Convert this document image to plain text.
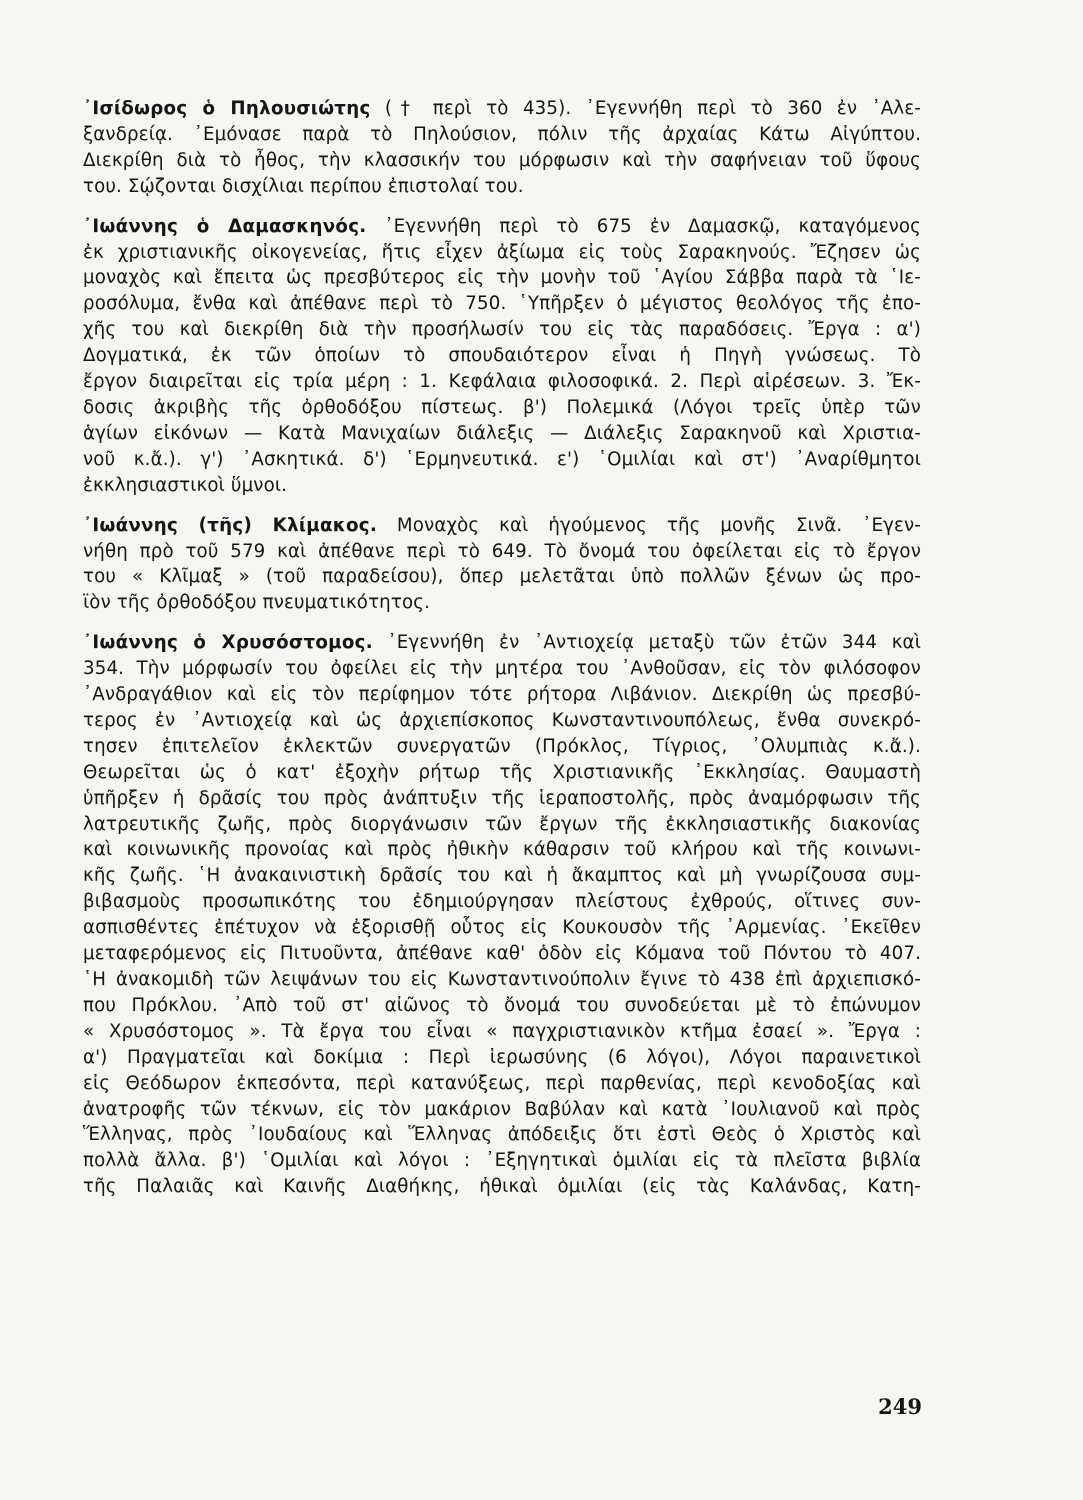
᾿Ισίδωρος ὁ Πηλουσιώτης († περὶ τὸ 435). ᾿Εγεννήθη περὶ τὸ 360 ἐν ᾿Αλε-
ξανδρείᾳ. ᾿Εμόνασε παρὰ τὸ Πηλούσιον, πόλιν τῆς ἀρχαίας Κάτω Αἰγύπτου.
Διεκρίθη διὰ τὸ ἦθος, τὴν κλασσικήν του μόρφωσιν καὶ τὴν σαφήνειαν τοῦ ὕφους
του. Σῴζονται δισχίλιαι περίπου ἐπιστολαί του.
᾿Ιωάννης ὁ Δαμασκηνός. ᾿Εγεννήθη περὶ τὸ 675 ἐν Δαμασκῷ, καταγόμενος
ἐκ χριστιανικῆς οἰκογενείας, ἥτις εἶχεν ἀξίωμα εἰς τοὺς Σαρακηνούς. Ἔζησεν ὡς
μοναχὸς καὶ ἔπειτα ὡς πρεσβύτερος εἰς τὴν μονὴν τοῦ ῾Αγίου Σάββα παρὰ τὰ ῾Ιε-
ροσόλυμα, ἔνθα καὶ ἀπέθανε περὶ τὸ 750. ῾Υπῆρξεν ὁ μέγιστος θεολόγος τῆς ἐπο-
χῆς του καὶ διεκρίθη διὰ τὴν προσήλωσίν του εἰς τὰς παραδόσεις. Ἔργα : α')
Δογματικά, ἐκ τῶν ὁποίων τὸ σπουδαιότερον εἶναι ἡ Πηγὴ γνώσεως. Τὸ
ἔργον διαιρεῖται εἰς τρία μέρη : 1. Κεφάλαια φιλοσοφικά. 2. Περὶ αἱρέσεων. 3. Ἔκ-
δοσις ἀκριβὴς τῆς ὀρθοδόξου πίστεως. β') Πολεμικά (Λόγοι τρεῖς ὑπὲρ τῶν
ἁγίων εἰκόνων — Κατὰ Μανιχαίων διάλεξις — Διάλεξις Σαρακηνοῦ καὶ Χριστια-
νοῦ κ.ἄ.). γ') ᾿Ασκητικά. δ') ῾Ερμηνευτικά. ε') ῾Ομιλίαι καὶ στ') ᾿Αναρίθμητοι
ἐκκλησιαστικοὶ ὕμνοι.
᾿Ιωάννης (τῆς) Κλίμακος. Μοναχὸς καὶ ἡγούμενος τῆς μονῆς Σινᾶ. ᾿Εγεν-
νήθη πρὸ τοῦ 579 καὶ ἀπέθανε περὶ τὸ 649. Τὸ ὄνομά του ὀφείλεται εἰς τὸ ἔργον
του « Κλῖμαξ » (τοῦ παραδείσου), ὅπερ μελετᾶται ὑπὸ πολλῶν ξένων ὡς προ-
ϊὸν τῆς ὀρθοδόξου πνευματικότητος.
᾿Ιωάννης ὁ Χρυσόστομος. ᾿Εγεννήθη ἐν ᾿Αντιοχείᾳ μεταξὺ τῶν ἐτῶν 344 καὶ
354. Τὴν μόρφωσίν του ὀφείλει εἰς τὴν μητέρα του ᾿Ανθοῦσαν, εἰς τὸν φιλόσοφον
᾿Ανδραγάθιον καὶ εἰς τὸν περίφημον τότε ρήτορα Λιβάνιον. Διεκρίθη ὡς πρεσβύ-
τερος ἐν ᾿Αντιοχείᾳ καὶ ὡς ἀρχιεπίσκοπος Κωνσταντινουπόλεως, ἔνθα συνεκρό-
τησεν ἐπιτελεῖον ἐκλεκτῶν συνεργατῶν (Πρόκλος, Τίγριος, ᾿Ολυμπιὰς κ.ἄ.).
Θεωρεῖται ὡς ὁ κατ' ἐξοχὴν ρήτωρ τῆς Χριστιανικῆς ᾿Εκκλησίας. Θαυμαστὴ
ὑπῆρξεν ἡ δρᾶσίς του πρὸς ἀνάπτυξιν τῆς ἱεραποστολῆς, πρὸς ἀναμόρφωσιν τῆς
λατρευτικῆς ζωῆς, πρὸς διοργάνωσιν τῶν ἔργων τῆς ἐκκλησιαστικῆς διακονίας
καὶ κοινωνικῆς προνοίας καὶ πρὸς ἠθικὴν κάθαρσιν τοῦ κλήρου καὶ τῆς κοινωνι-
κῆς ζωῆς. ῾Η ἀνακαινιστικὴ δρᾶσίς του καὶ ἡ ἄκαμπτος καὶ μὴ γνωρίζουσα συμ-
βιβασμοὺς προσωπικότης του ἐδημιούργησαν πλείστους ἐχθρούς, οἵτινες συν-
ασπισθέντες ἐπέτυχον νὰ ἐξορισθῇ οὗτος εἰς Κουκουσὸν τῆς ᾿Αρμενίας. ᾿Εκεῖθεν
μεταφερόμενος εἰς Πιτυοῦντα, ἀπέθανε καθ' ὁδὸν εἰς Κόμανα τοῦ Πόντου τὸ 407.
῾Η ἀνακομιδὴ τῶν λειψάνων του εἰς Κωνσταντινούπολιν ἔγινε τὸ 438 ἐπὶ ἀρχιεπισκό-
που Πρόκλου. ᾿Απὸ τοῦ στ' αἰῶνος τὸ ὄνομά του συνοδεύεται μὲ τὸ ἐπώνυμον
« Χρυσόστομος ». Τὰ ἔργα του εἶναι « παγχριστιανικὸν κτῆμα ἐσαεί ». Ἔργα :
α') Πραγματεῖαι καὶ δοκίμια : Περὶ ἱερωσύνης (6 λόγοι), Λόγοι παραινετικοὶ
εἰς Θεόδωρον ἐκπεσόντα, περὶ κατανύξεως, περὶ παρθενίας, περὶ κενοδοξίας καὶ
ἀνατροφῆς τῶν τέκνων, εἰς τὸν μακάριον Βαβύλαν καὶ κατὰ ᾿Ιουλιανοῦ καὶ πρὸς
Ἕλληνας, πρὸς ᾿Ιουδαίους καὶ Ἕλληνας ἀπόδειξις ὅτι ἐστὶ Θεὸς ὁ Χριστὸς καὶ
πολλὰ ἄλλα. β') ῾Ομιλίαι καὶ λόγοι : ᾿Εξηγητικαὶ ὁμιλίαι εἰς τὰ πλεῖστα βιβλία
τῆς Παλαιᾶς καὶ Καινῆς Διαθήκης, ἠθικαὶ ὁμιλίαι (εἰς τὰς Καλάνδας, Κατη-
249
